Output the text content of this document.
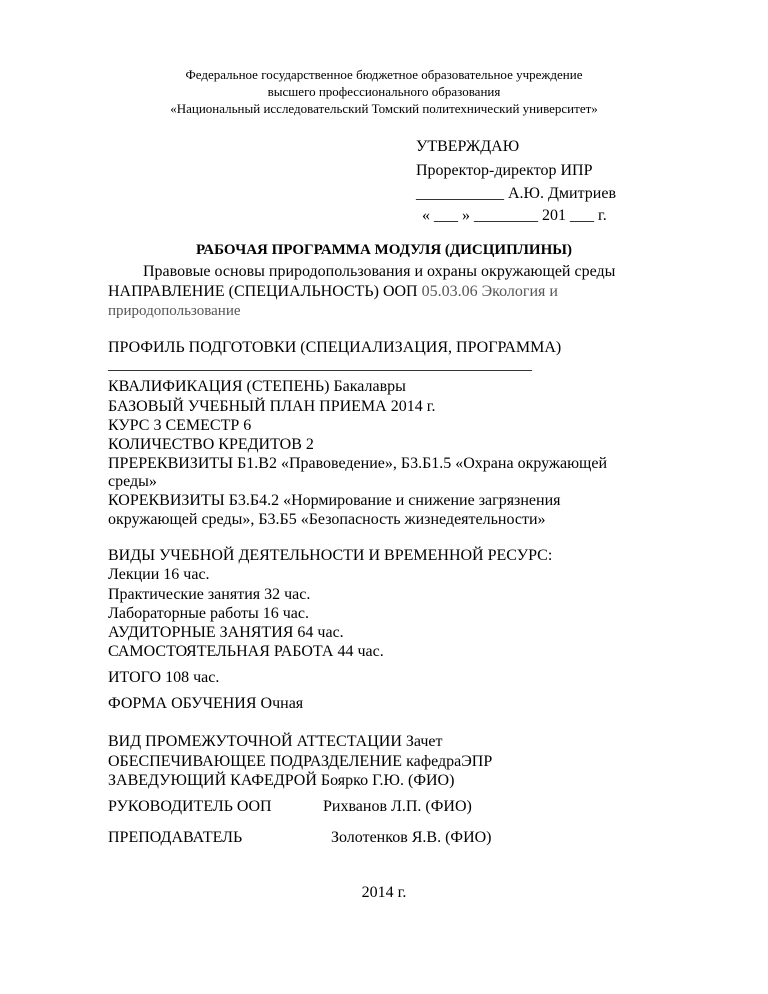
Федеральное государственное бюджетное образовательное учреждение
высшего профессионального образования
«Национальный исследовательский Томский политехнический университет»
УТВЕРЖДАЮ
Проректор-директор ИПР
___________ А.Ю. Дмитриев
« ___ » ________ 201 ___ г.
РАБОЧАЯ ПРОГРАММА МОДУЛЯ (ДИСЦИПЛИНЫ)
Правовые основы природопользования и охраны окружающей среды
НАПРАВЛЕНИЕ (СПЕЦИАЛЬНОСТЬ) ООП 05.03.06 Экология и
природопользование
ПРОФИЛЬ ПОДГОТОВКИ (СПЕЦИАЛИЗАЦИЯ, ПРОГРАММА)
_____________________________________________________
КВАЛИФИКАЦИЯ (СТЕПЕНЬ) Бакалавры
БАЗОВЫЙ УЧЕБНЫЙ ПЛАН ПРИЕМА 2014 г.
КУРС 3 СЕМЕСТР 6
КОЛИЧЕСТВО КРЕДИТОВ 2
ПРЕРЕКВИЗИТЫ Б1.В2 «Правоведение», Б3.Б1.5 «Охрана окружающей
среды»
КОРЕКВИЗИТЫ Б3.Б4.2 «Нормирование и снижение загрязнения
окружающей среды», Б3.Б5 «Безопасность жизнедеятельности»
ВИДЫ УЧЕБНОЙ ДЕЯТЕЛЬНОСТИ И ВРЕМЕННОЙ РЕСУРС:
Лекции 16 час.
Практические занятия 32 час.
Лабораторные работы 16 час.
АУДИТОРНЫЕ ЗАНЯТИЯ 64 час.
САМОСТОЯТЕЛЬНАЯ РАБОТА 44 час.
ИТОГО 108 час.
ФОРМА ОБУЧЕНИЯ Очная
ВИД ПРОМЕЖУТОЧНОЙ АТТЕСТАЦИИ Зачет
ОБЕСПЕЧИВАЮЩЕЕ ПОДРАЗДЕЛЕНИЕ кафедраЭПР
ЗАВЕДУЮЩИЙ КАФЕДРОЙ Боярко Г.Ю. (ФИО)
РУКОВОДИТЕЛЬ ООП	Рихванов Л.П. (ФИО)
ПРЕПОДАВАТЕЛЬ	Золотенков Я.В. (ФИО)
2014 г.
